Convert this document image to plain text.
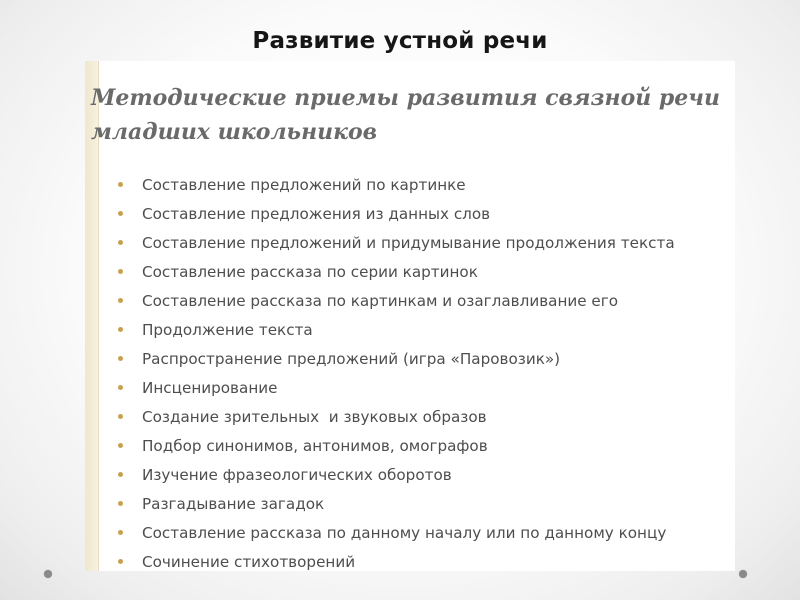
Развитие устной речи
Методические приемы развития связной речи
младших школьников
Составление предложений по картинке
Составление предложения из данных слов
Составление предложений и придумывание продолжения текста
Составление рассказа по серии картинок
Составление рассказа по картинкам и озаглавливание его
Продолжение текста
Распространение предложений (игра «Паровозик»)
Инсценирование
Создание зрительных  и звуковых образов
Подбор синонимов, антонимов, омографов
Изучение фразеологических оборотов
Разгадывание загадок
Составление рассказа по данному началу или по данному концу
Сочинение стихотворений
